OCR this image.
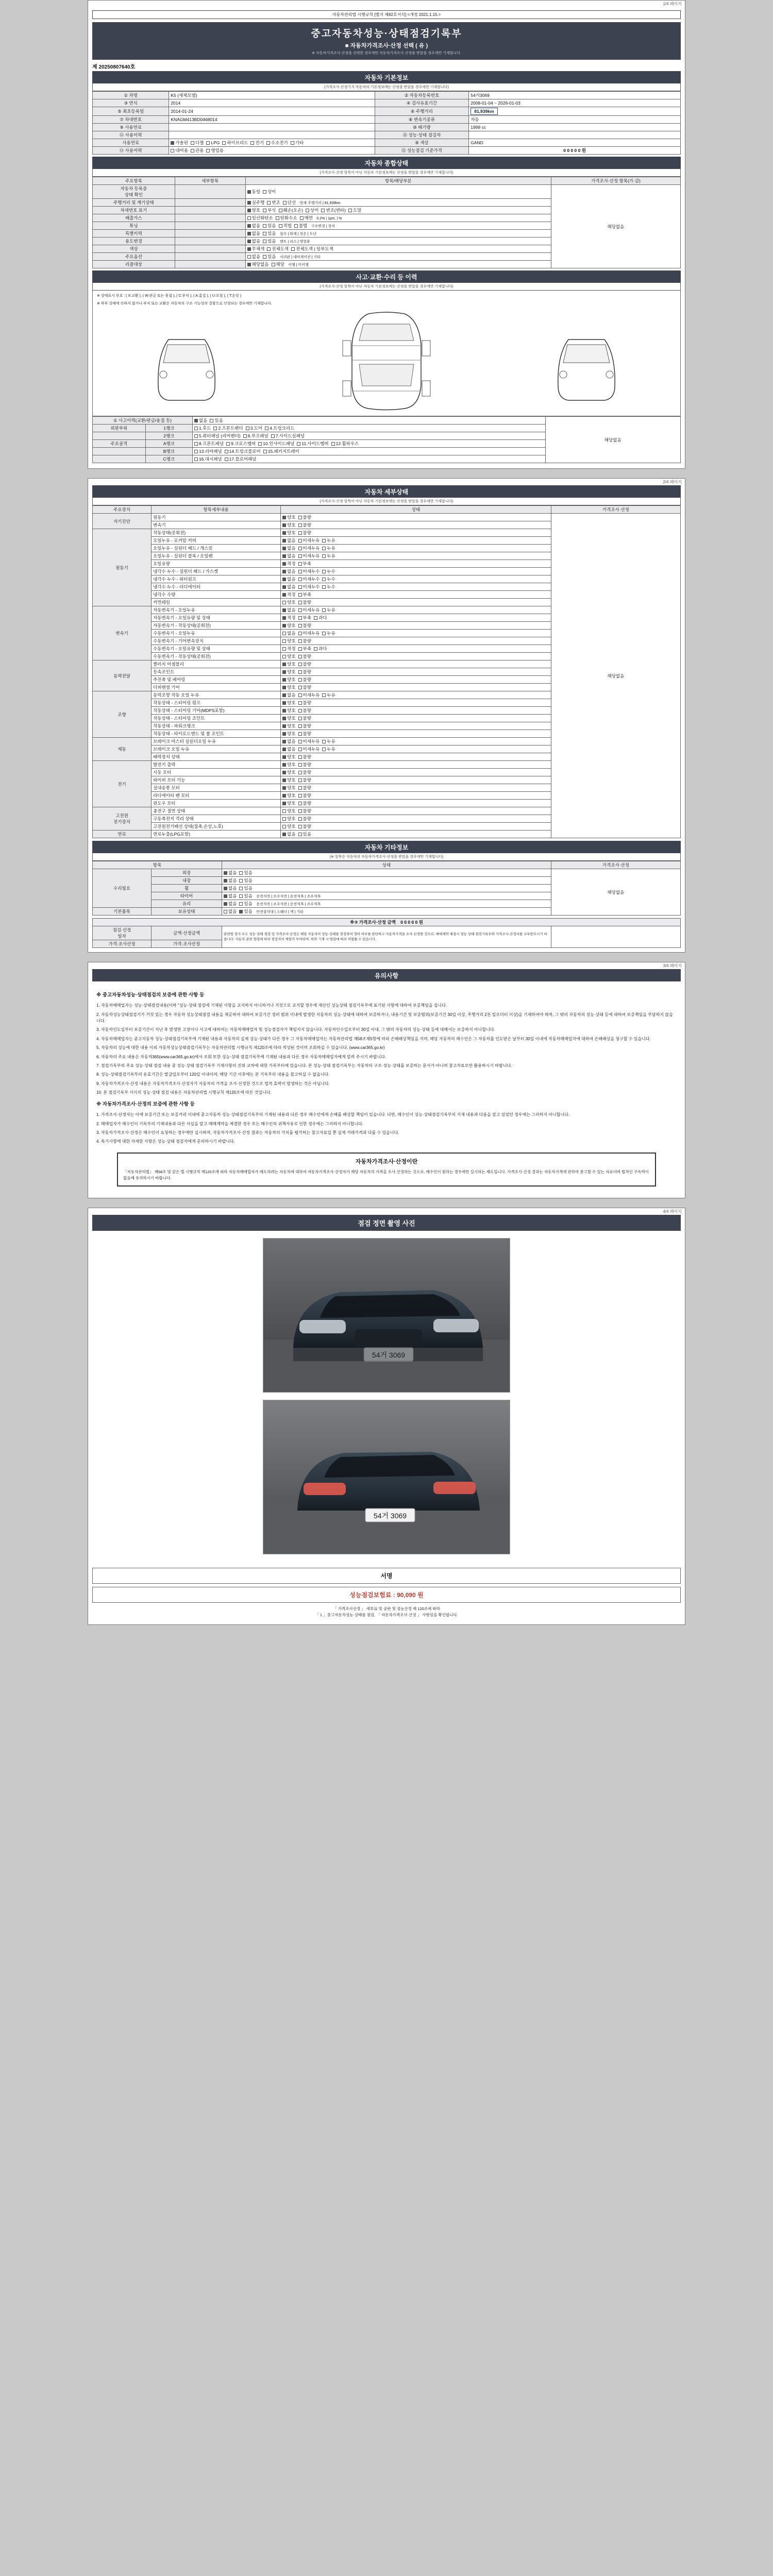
1/4 페이지
자동차관리법 시행규칙 [별지 제82호서식] <개정 2021.1.15.>
중고자동차성능·상태점검기록부
■ 자동차가격조사·산정 선택 ( 유 )
※ 자동차가격조사·산정을 선택한 경우에만 자동차가격조사·산정을 받았을 경우에만 기재합니다.
제 20250807640호
자동차 기본정보
(가격조사·산정기지 자동차의 기본정보에는 산정을 받았을 경우에만 기재합니다)
① 차명	K5 (세제모델)	② 자동차등록번호	54거3069
③ 연식	2014	④ 검사유효기간	2008-01-04 ~ 2026-01-03
⑤ 최초등록일	2014-01-24	⑥ 주행거리	81,939km
⑦ 차대번호	KNAGM413BD0468014	⑧ 변속기종류	자동
⑨ 사용연료		⑩ 배기량	1999 cc
⑪ 사용이력		⑫ 성능·상태 점검자	
사용연료	가솔린 디젤 LPG 하이브리드 전기 수소전기 기타	⑨ 색상	GAND
⑪ 사용이력	대여용 관용 영업용	⑫ 성능점검 기준가격	0 0 0 0 0 원
자동차 종합상태
(가격조사·산정 항목이 아닌 자동차 기본정보에는 산정을 받았을 경우에만 기재합니다)
주요항목	세부항목	항목/해당부분	가격조사·산정 항목(가·감)
자동차 등록증
상태 확인		동일 상이	해당없음
주행거리 및 계기상태		실주행 변조 단선 현재 주행거리 | 81,939km	
차대번호 표기		양호 부식 훼손(오손) 상이 변조(변타) 도말	
배출가스		일산화탄소 탄화수소 매연 0.2% | 1pm. | %	
튜닝		없음 있음 적법 불법 구조변경 | 장치	
특별이력		없음 있음 침수 | 화재 | 전손 | 도난	
용도변경		없음 있음 렌트 | 리스 | 영업용	
색상		무채색 전체도색 전체도색 | 일부도색	
주요옵션		없음 있음 서리판 | 네비게이션 | 기타	
리콜대상		해당없음 해당 이행 | 미이행	
사고·교환·수리 등 이력
(가격조사·산정 항목이 아닌 자동차 기본정보에는 산정을 받았을 경우에만 기재합니다)
※ 상태표시 부호 : ( X:교환 ), ( W:판금 또는 용접 ), ( C:부식 ), ( A:흠집 ), ( U:요철 ), ( T:손상 )
※ 하부 상태에 속하지 않거나 부식 또는 교환은 자동차의 구조·기능상의 결함으로 인정되는 경우에만 기재합니다.
① 사고이력(교환/판금/용접 등)		없음 있음	해당없음
외판부위	1랭크	1.후드 2.프론트펜더 3.도어 4.트렁크리드	
	2랭크	5.쿼터패널 (리어펜더) 6.루프패널 7.사이드실패널	
주요골격	A랭크	8.프론트패널 9.크로스멤버 10.인사이드패널 11.사이드멤버 12.휠하우스	
	B랭크	13.리어패널 14.트렁크플로어 15.패키지트레이	
	C랭크	16.대시패널 17.플로어패널	
2/4 페이지
자동차 세부상태
(가격조사·산정 항목이 아닌 자동차 기본정보에는 산정을 받았을 경우에만 기재합니다)
주요장치	항목세부내용	상태	가격조사·산정
자기진단	원동기	양호 불량	해당없음
	변속기	양호 불량	
원동기	작동상태(공회전)	양호 불량	
	오일누유 - 로커암 커버	없음 미세누유 누유	
	오일누유 - 실린더 헤드 / 개스킷	없음 미세누유 누유	
	오일누유 - 실린더 블록 / 오일팬	없음 미세누유 누유	
	오일유량	적정 부족	
	냉각수 누수 - 실린더 헤드 / 가스켓	없음 미세누수 누수	
	냉각수 누수 - 워터펌프	없음 미세누수 누수	
	냉각수 누수 - 라디에이터	없음 미세누수 누수	
	냉각수 수량	적정 부족	
	커먼레일	양호 불량	
변속기	자동변속기 - 오일누유	없음 미세누유 누유	
	자동변속기 - 오일유량 및 상태	적정 부족 과다	
	자동변속기 - 작동상태(공회전)	양호 불량	
	수동변속기 - 오일누유	없음 미세누유 누유	
	수동변속기 - 기어변속장치	양호 불량	
	수동변속기 - 오일유량 및 상태	적정 부족 과다	
	수동변속기 - 작동상태(공회전)	양호 불량	
동력전달	클러치 어셈블리	양호 불량	
	등속조인트	양호 불량	
	추진축 및 베어링	양호 불량	
	디퍼렌셜 기어	양호 불량	
조향	동력조향 작동 오일 누유	없음 미세누유 누유	
	작동상태 - 스티어링 펌프	양호 불량	
	작동상태 - 스티어링 기어(MDPS포함)	양호 불량	
	작동상태 - 스티어링 조인트	양호 불량	
	작동상태 - 파워크랭크	양호 불량	
	작동상태 - 타이로드엔드 및 볼 조인트	양호 불량	
제동	브레이크 마스터 실린더오일 누유	없음 미세누유 누유	
	브레이크 오일 누유	없음 미세누유 누유	
	배력장치 상태	양호 불량	
전기	발전기 출력	양호 불량	
	시동 모터	양호 불량	
	와이퍼 모터 기능	양호 불량	
	실내송풍 모터	양호 불량	
	라디에이터 팬 모터	양호 불량	
	윈도우 모터	양호 불량	
고전원
전기장치	충전구 절연 상태	양호 불량	
	구동축전지 격리 상태	양호 불량	
	고전원전기배선 상태(접촉,손상,노후)	양호 불량	
연료	연료누출(LPG포함)	없음 있음	
자동차 기타정보
(※ 항목은 자동차의 자동차가격조사·산정을 받았을 경우에만 기재합니다)
항목		상태	가격조사·산정
수리필요	외장	없음 있음	해당없음
	내장	없음 있음	
	휠	없음 있음	
	타이어	없음 있음 운전석전 | 조수석전 | 운전석후 | 조수석후	
	유리	없음 있음 운전석전 | 조수석전 | 운전석후 | 조수석후	
기본품목	보유상태	없음 있음 안전삼각대 | 스패너 | 잭 | 기타	
※③ 가격조사·산정 금액 0 0 0 0 0 원			
점검·산정
일자	금액·산정금액	관련법 검사 모두 성능·상태 점검 및 가격조사·산정은 해당 자동차의 성능·상태를 점검하여 정비 여부를 판단하고 자동차가격을 조사·산정한 것으로, 매매계약 체결시 성능·상태 점검기록부와 가격조사·산정서를 교부받으시기 바랍니다. 자동차 관련 법령에 따라 점검자의 책임이 부여되며, 허위 기재 시 법령에 따라 처벌될 수 있습니다.	
가격·조사산정	가격·조사산정		
3/4 페이지
유의사항
※ 중고자동차성능·상태점검의 보증에 관한 사항 등

1. 자동차매매업자는 성능·상태점검내용(이하 "성능·상태 점검에 기재된 사항을 교지하지 아니하거나 거짓으로 교지할 경우에 재산인 성능상태 점검기록부에 표기된 사항에 대하여 보증책임을 집니다.

2. 자동차성능상태점검기가 거짓 있는 경우 자동차 성능상태점검 내용을 제공하여 대하여 보증기간 정비 범위 이내에 발생한 자동차의 성능·상태에 대하여 보증하거나, 내용기간 및 보증범위(보증기간 30일 이상, 주행거리 2천 킬로미터 이상)을 기재하여야 하며, 그 밖의 자동차의 성능·상태 등에 대하여 보증책임을 부담하지 않습니다.

3. 자동차인도일부터 보증기간이 지난 후 발생한 고장이나 사고에 대하여는 자동차매매업자 및 성능점검자가 책임지지 않습니다. 자동차인수일로부터 30일 이내, 그 밖의 자동차의 성능·상태 등에 대해서는 보증하지 아니합니다.

4. 자동차매매업자는 중고자동차 성능·상태점검기록부에 기재된 내용과 자동차의 실제 성능·상태가 다른 경우 그 자동차매매업자는 자동차관리법 제58조제5항에 따라 손해배상책임을 지며, 해당 자동차의 매수인은 그 자동차를 인도받은 날부터 30일 이내에 자동차매매업자에 대하여 손해배상을 청구할 수 있습니다.

5. 자동차의 성능에 대한 내용 이외 자동차성능상태점검기록부는 자동차관리법 시행규칙 제120조에 따라 작성된 것이며 조회하실 수 있습니다. (www.car365.go.kr)

6. 자동차의 주요 내용은 자동차365(www.car365.go.kr)에서 조회 또한 성능·상태 점검기록부에 기재된 내용과 다른 경우 자동차매매업자에게 알려 주시기 바랍니다.

7. 점검기록부의 주요 성능·상태 점검 내용 중 성능·상태 점검기록부 기재사항의 진위 교차에 대한 기록부터에 있습니다. 본 성능·상태 점검기록부는 자동차의 구조·성능·상태를 보증하는 문서가 아니며 참고자료로만 활용하시기 바랍니다.

8. 성능·상태점검기록부의 유효기간은 발급일로부터 120일 이내이며, 해당 기간 이후에는 본 기록부의 내용을 참고하실 수 없습니다.

9. 자동차가격조사·산정 내용은 자동차가격조사·산정자가 자동차의 가격을 조사·산정한 것으로 법적 효력이 발생하는 것은 아닙니다.

10. 본 점검기록부 서식의 성능·상태 점검 내용은 자동차관리법 시행규칙 제120조에 따른 것입니다.

※ 자동차가격조사·산정의 보증에 관한 사항 등

1. 가격조사·산정자는 이에 보증기간 또는 보증거리 이내에 중고자동차 성능·상태점검기록부의 기재된 내용과 다른 경우 매수인에게 손해를 배상할 책임이 있습니다. 다만, 매수인이 성능·상태점검기록부의 기재 내용과 다름을 알고 있었던 경우에는 그러하지 아니합니다.

2. 매매업자가 매수인이 기록부의 기재내용과 다른 사실을 알고 매매계약을 체결한 경우 또는 매수인의 귀책사유로 인한 경우에는 그러하지 아니합니다.

3. 자동차가격조사·산정은 매수인이 요청하는 경우에만 실시하며, 자동차가격조사·산정 결과는 자동차의 가치를 평가하는 참고자료일 뿐 실제 거래가격과 다를 수 있습니다.

4. 특기사항에 대한 자세한 사항은 성능·상태 점검자에게 문의하시기 바랍니다.

자동차가격조사·산정이란
「자동차관리법」 제58조 및 같은 법 시행규칙 제120조에 따라 자동차매매업자가 매도하려는 자동차에 대하여 자동차가격조사·산정자가 해당 자동차의 가격을 조사·산정하는 것으로, 매수인이 원하는 경우에만 실시하는 제도입니다. 가격조사·산정 결과는 자동차가격에 관하여 참고할 수 있는 자료이며 법적인 구속력이 없음에 유의하시기 바랍니다.
4/4 페이지
점검 정면 촬영 사진
54거 3069
서명
성능점검보험료 : 90,090 원
「 가격조사산정 」 세부표 및 공란 및 성능산정 제 120조에 따라
「 1 」중고자동차성능·상태를 점검, 「 자동차가격조사·산정 」 사항임을 확인합니다.
